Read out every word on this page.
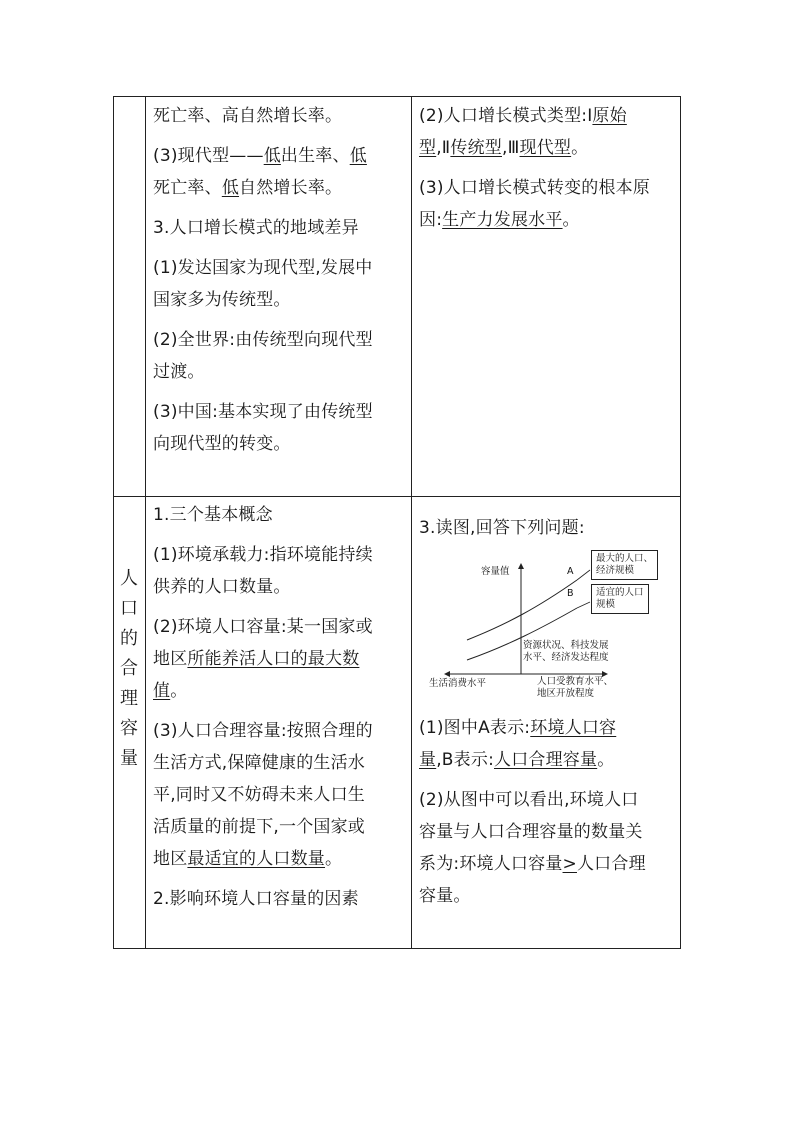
死亡率、高自然增长率。

(3)现代型——低出生率、低
死亡率、低自然增长率。

3.人口增长模式的地域差异

(1)发达国家为现代型,发展中
国家多为传统型。

(2)全世界:由传统型向现代型
过渡。

(3)中国:基本实现了由传统型
向现代型的转变。

(2)人口增长模式类型:Ⅰ原始
型,Ⅱ传统型,Ⅲ现代型。

(3)人口增长模式转变的根本原
因:生产力发展水平。

人
口
的
合
理
容
量

1.三个基本概念

(1)环境承载力:指环境能持续
供养的人口数量。

(2)环境人口容量:某一国家或
地区所能养活人口的最大数
值。

(3)人口合理容量:按照合理的
生活方式,保障健康的生活水
平,同时又不妨碍未来人口生
活质量的前提下,一个国家或
地区最适宜的人口数量。

2.影响环境人口容量的因素

3.读图,回答下列问题:

容量值	A
B
最大的人口、
经济规模
适宜的人口
规模
资源状况、科技发展
水平、经济发达程度
生活消费水平	人口受教育水平、
地区开放程度

(1)图中A表示:环境人口容
量,B表示:人口合理容量。

(2)从图中可以看出,环境人口
容量与人口合理容量的数量关
系为:环境人口容量>人口合理
容量。
